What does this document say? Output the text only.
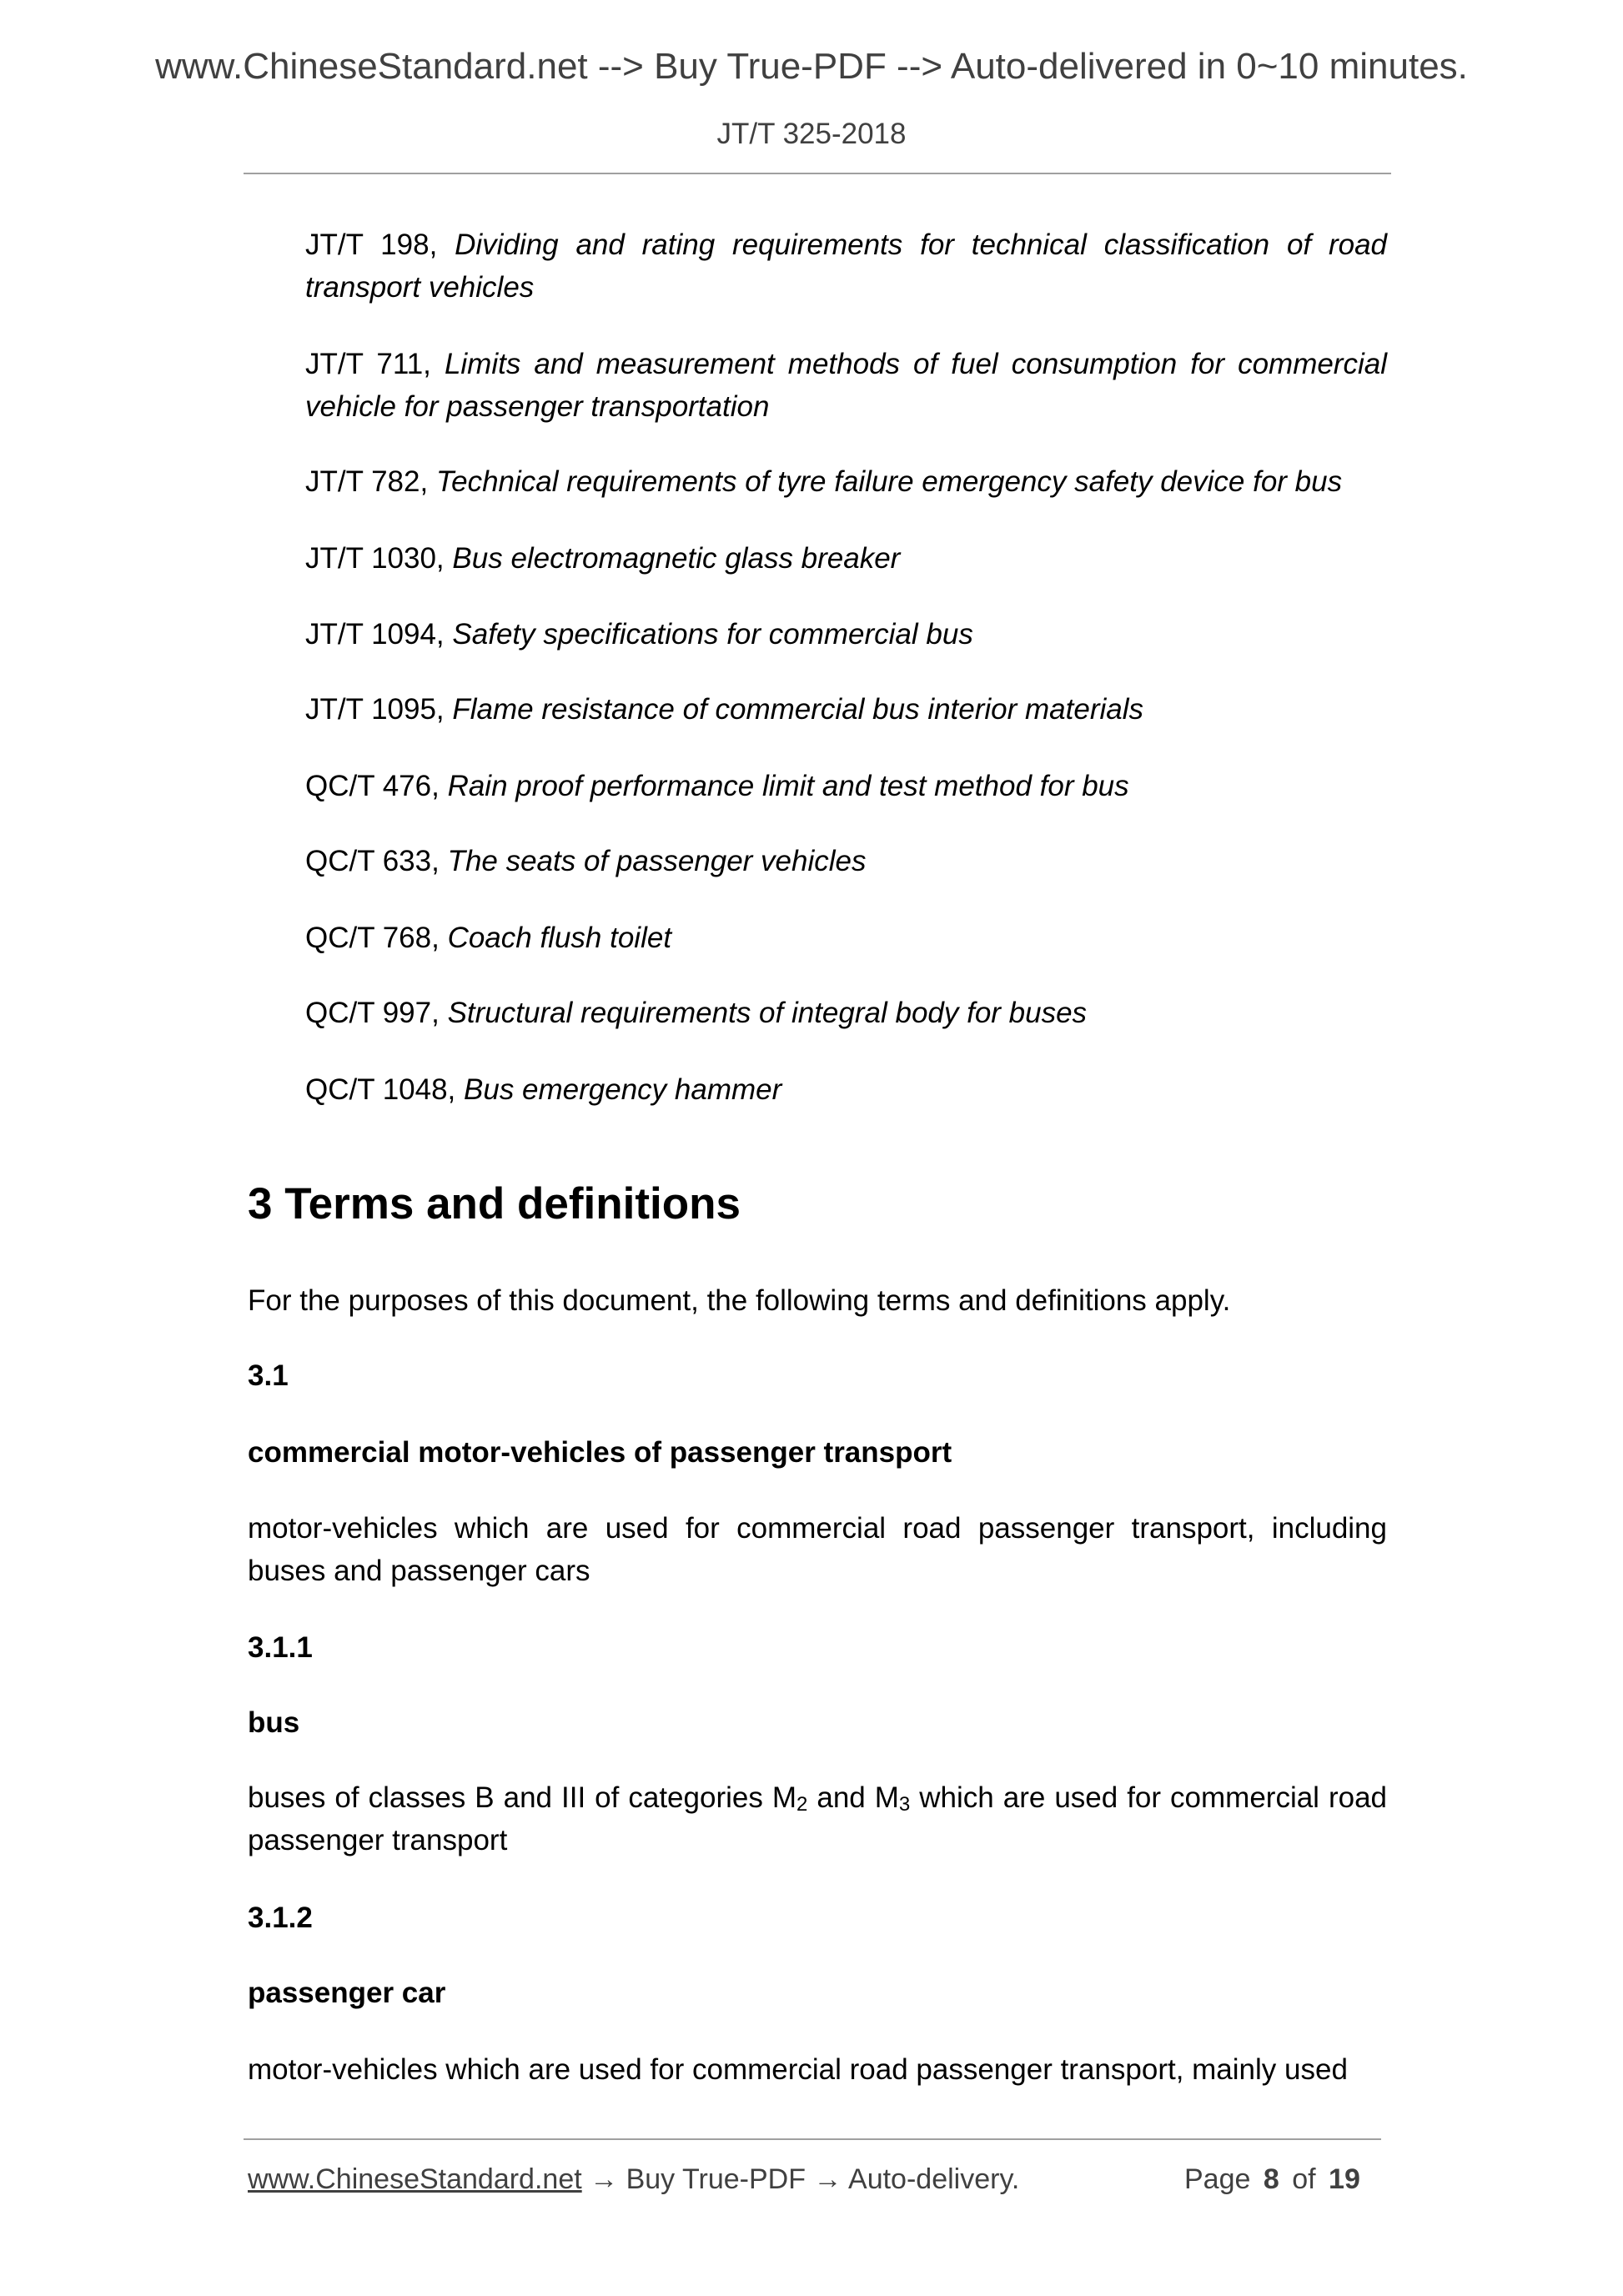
www.ChineseStandard.net --> Buy True-PDF --> Auto-delivered in 0~10 minutes.
JT/T 325-2018
JT/T 198, Dividing and rating requirements for technical classification of road transport vehicles
JT/T 711, Limits and measurement methods of fuel consumption for commercial vehicle for passenger transportation
JT/T 782, Technical requirements of tyre failure emergency safety device for bus
JT/T 1030, Bus electromagnetic glass breaker
JT/T 1094, Safety specifications for commercial bus
JT/T 1095, Flame resistance of commercial bus interior materials
QC/T 476, Rain proof performance limit and test method for bus
QC/T 633, The seats of passenger vehicles
QC/T 768, Coach flush toilet
QC/T 997, Structural requirements of integral body for buses
QC/T 1048, Bus emergency hammer
3 Terms and definitions
For the purposes of this document, the following terms and definitions apply.
3.1
commercial motor-vehicles of passenger transport
motor-vehicles which are used for commercial road passenger transport, including buses and passenger cars
3.1.1
bus
buses of classes B and III of categories $M_2$ and $M_3$ which are used for commercial road passenger transport
3.1.2
passenger car
motor-vehicles which are used for commercial road passenger transport, mainly used
www.ChineseStandard.net → Buy True-PDF → Auto-delivery.	Page 8 of 19
